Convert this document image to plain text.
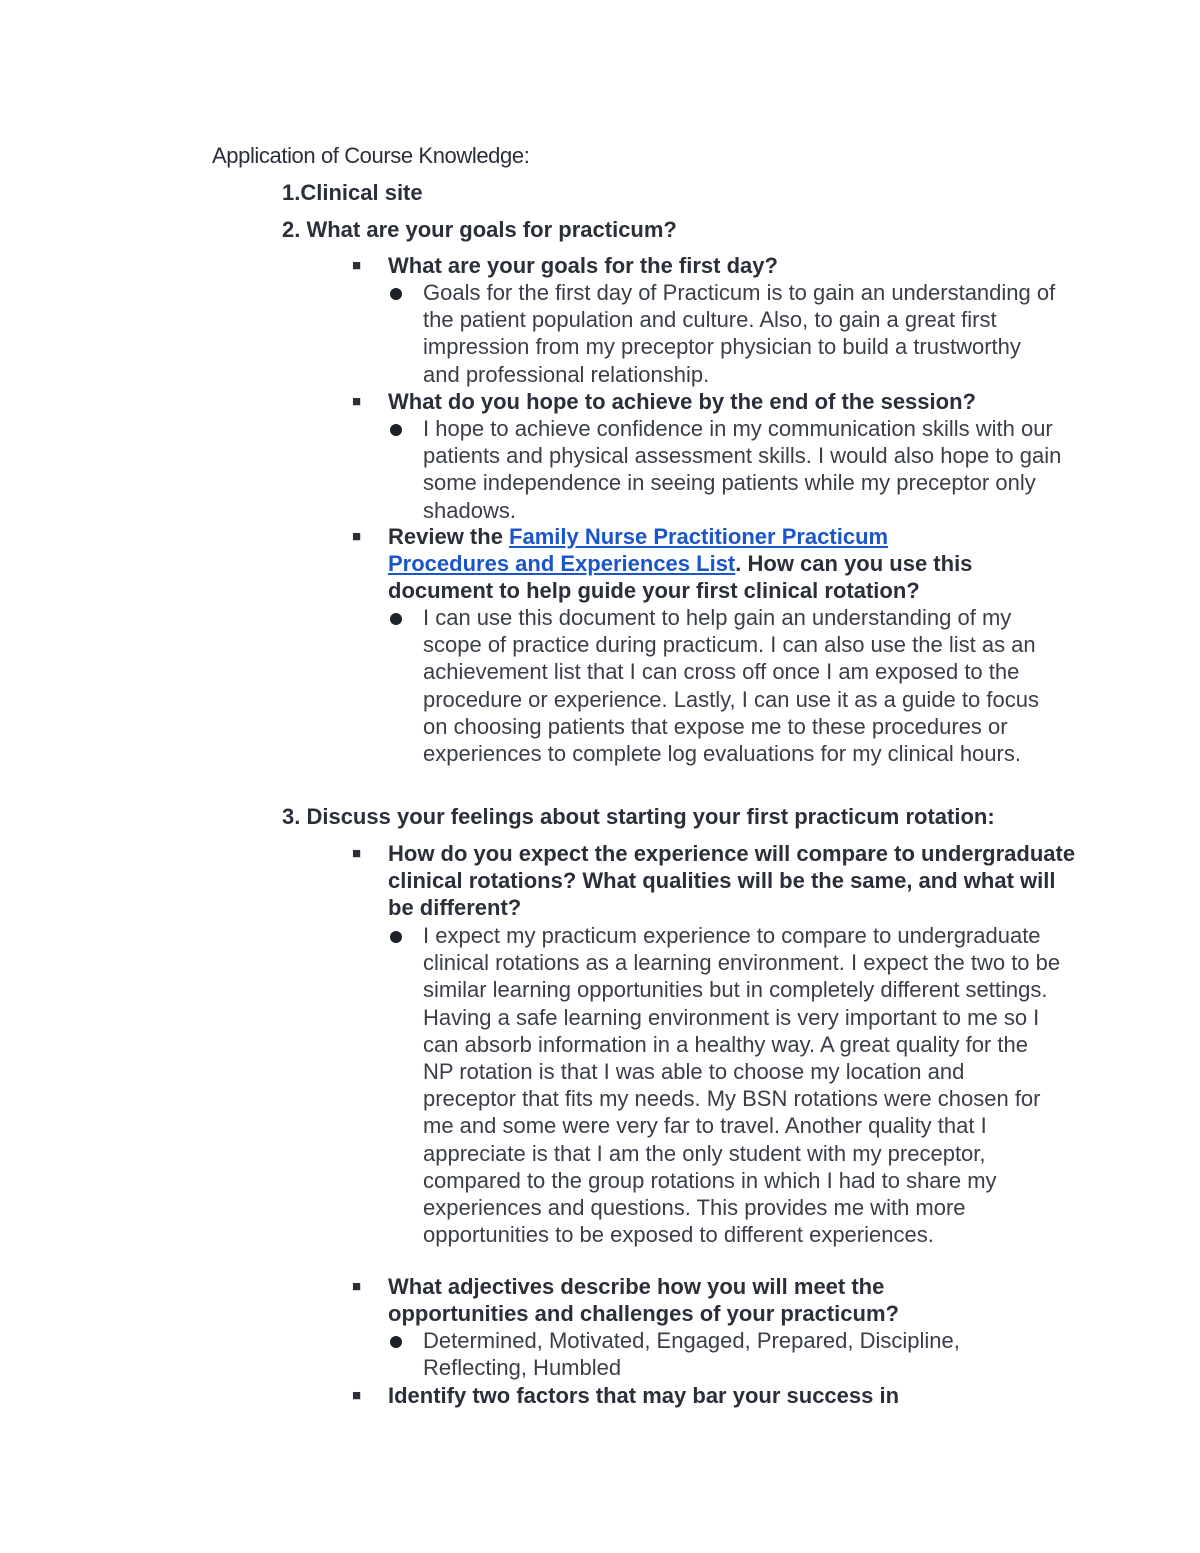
Application of Course Knowledge:
1.Clinical site
2. What are your goals for practicum?
■ What are your goals for the first day?
Goals for the first day of Practicum is to gain an understanding of the patient population and culture. Also, to gain a great first impression from my preceptor physician to build a trustworthy and professional relationship.
■ What do you hope to achieve by the end of the session?
I hope to achieve confidence in my communication skills with our patients and physical assessment skills. I would also hope to gain some independence in seeing patients while my preceptor only shadows.
■ Review the Family Nurse Practitioner Practicum
Procedures and Experiences List. How can you use this document to help guide your first clinical rotation?
I can use this document to help gain an understanding of my scope of practice during practicum. I can also use the list as an achievement list that I can cross off once I am exposed to the procedure or experience. Lastly, I can use it as a guide to focus on choosing patients that expose me to these procedures or experiences to complete log evaluations for my clinical hours.
3. Discuss your feelings about starting your first practicum rotation:
■ How do you expect the experience will compare to undergraduate clinical rotations? What qualities will be the same, and what will be different?
I expect my practicum experience to compare to undergraduate clinical rotations as a learning environment. I expect the two to be similar learning opportunities but in completely different settings. Having a safe learning environment is very important to me so I can absorb information in a healthy way. A great quality for the NP rotation is that I was able to choose my location and preceptor that fits my needs. My BSN rotations were chosen for me and some were very far to travel. Another quality that I appreciate is that I am the only student with my preceptor, compared to the group rotations in which I had to share my experiences and questions. This provides me with more opportunities to be exposed to different experiences.
■ What adjectives describe how you will meet the opportunities and challenges of your practicum?
Determined, Motivated, Engaged, Prepared, Discipline, Reflecting, Humbled
■ Identify two factors that may bar your success in
